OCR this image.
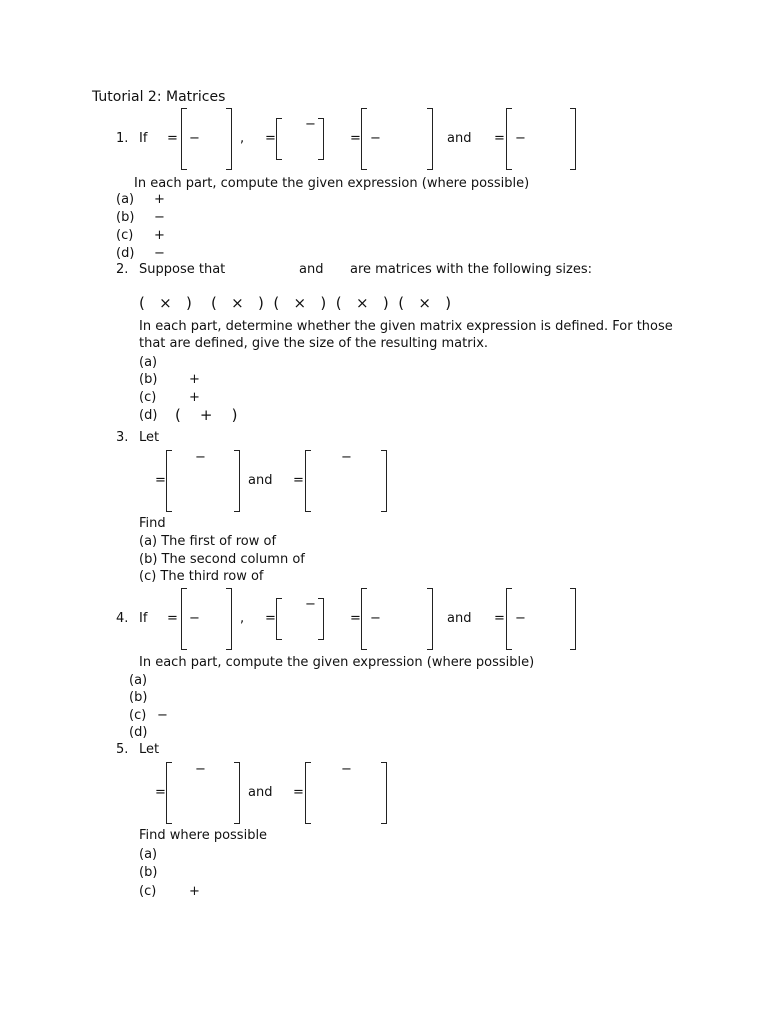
Tutorial 2: Matrices
1. If = −	, =
−
= −	and = −
In each part, compute the given expression (where possible)
(a) +
(b) −
(c) +
(d) −
2. Suppose that	and are matrices with the following sizes:
(   ×   )    (   ×   )  (   ×   )  (   ×   )  (   ×   )
In each part, determine whether the given matrix expression is defined. For those
that are defined, give the size of the resulting matrix.
(a)
(b) +
(c)	+
(d) (    +    )
3. Let
=
−
and =
−
Find
(a) The first of row of
(b) The second column of
(c) The third row of
4. If = −	, =
−
= −	and = −
In each part, compute the given expression (where possible)
(a)
(b)
(c) −
(d)
5. Let
=
−
and =
−
Find where possible
(a)
(b)
(c)	+
